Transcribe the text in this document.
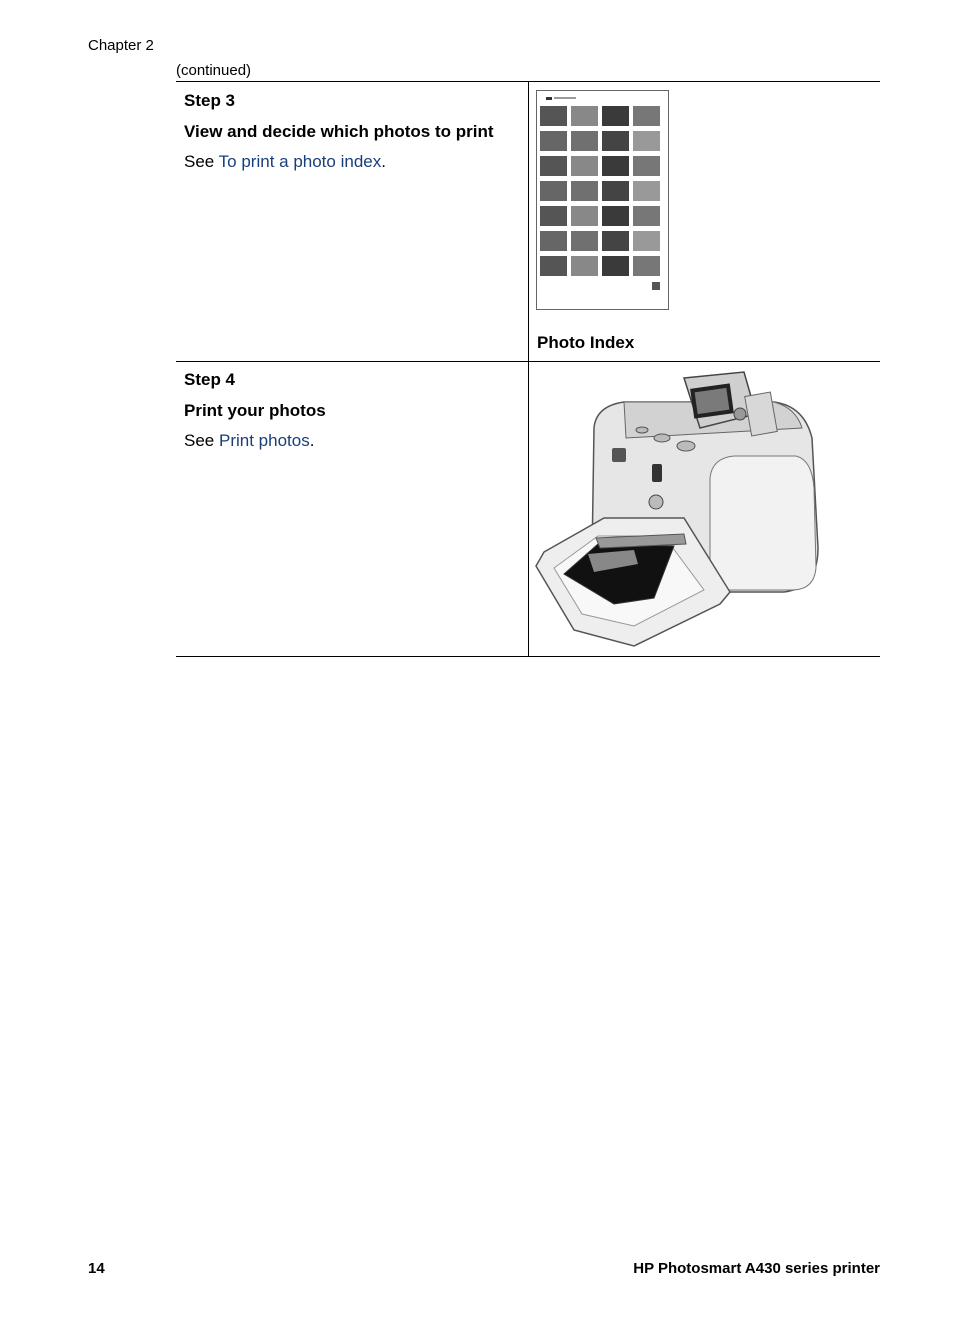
Chapter 2
(continued)
Step 3
View and decide which photos to print
See To print a photo index.
Photo Index
Step 4
Print your photos
See Print photos.
14	HP Photosmart A430 series printer
